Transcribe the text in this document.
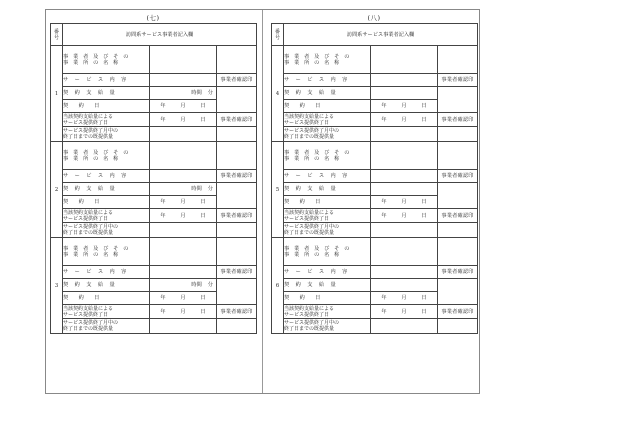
(七)
番
号	訪問系サービス事業者記入欄		
1	事 業 者 及 び そ の
事 業 所 の 名 称		

	サ ー ビ ス 内 容		事業者確認印
	契 約 支 給 量	時間 分	

	契　　約　　日	年 月 日	

	当該契約支給量による
サービス提供終了日	年 月 日	事業者確認印

	サービス提供終了月中の
終了日までの既提供量		

2	事 業 者 及 び そ の
事 業 所 の 名 称		

	サ ー ビ ス 内 容		事業者確認印
	契 約 支 給 量	時間 分	

	契　　約　　日	年 月 日	

	当該契約支給量による
サービス提供終了日	年 月 日	事業者確認印

	サービス提供終了月中の
終了日までの既提供量		

3	事 業 者 及 び そ の
事 業 所 の 名 称		

	サ ー ビ ス 内 容		事業者確認印
	契 約 支 給 量	時間 分	

	契　　約　　日	年 月 日	

	当該契約支給量による
サービス提供終了日	年 月 日	事業者確認印

	サービス提供終了月中の
終了日までの既提供量		

(八)
番
号	訪問系サービス事業者記入欄		
4	事 業 者 及 び そ の
事 業 所 の 名 称		

	サ ー ビ ス 内 容		事業者確認印
	契 約 支 給 量		
	契　　約　　日	年 月 日	

	当該契約支給量による
サービス提供終了日	年 月 日	事業者確認印

	サービス提供終了月中の
終了日までの既提供量		

5	事 業 者 及 び そ の
事 業 所 の 名 称		

	サ ー ビ ス 内 容		事業者確認印
	契 約 支 給 量		
	契　　約　　日	年 月 日	

	当該契約支給量による
サービス提供終了日	年 月 日	事業者確認印

	サービス提供終了月中の
終了日までの既提供量		

6	事 業 者 及 び そ の
事 業 所 の 名 称		

	サ ー ビ ス 内 容		事業者確認印
	契 約 支 給 量		
	契　　約　　日	年 月 日	

	当該契約支給量による
サービス提供終了日	年 月 日	事業者確認印

	サービス提供終了月中の
終了日までの既提供量		
